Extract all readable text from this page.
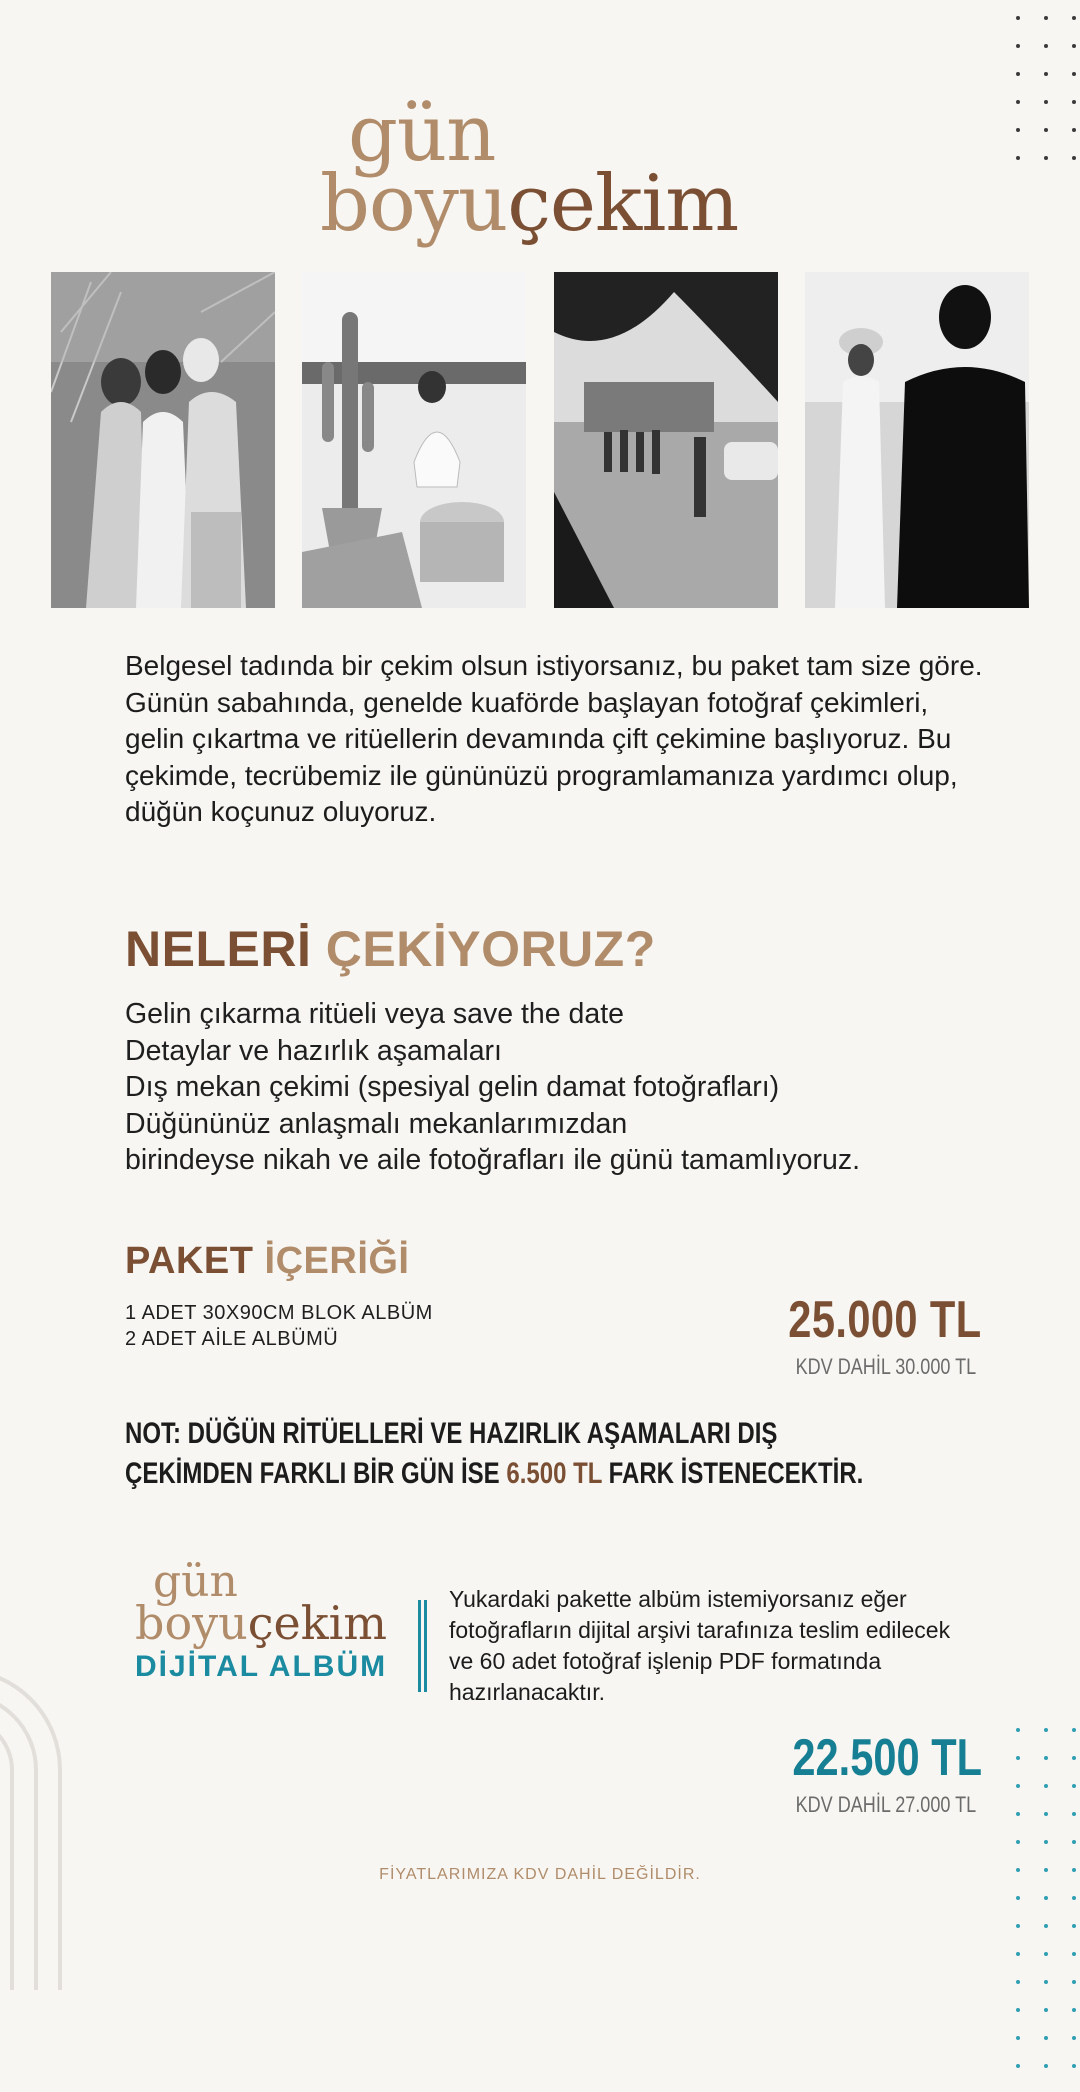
gün
boyuçekim

Belgesel tadında bir çekim olsun istiyorsanız, bu paket tam size göre. Günün sabahında, genelde kuaförde başlayan fotoğraf çekimleri, gelin çıkartma ve ritüellerin devamında çift çekimine başlıyoruz. Bu çekimde, tecrübemiz ile gününüzü programlamanıza yardımcı olup, düğün koçunuz oluyoruz.

NELERİ ÇEKİYORUZ?
Gelin çıkarma ritüeli veya save the date
Detaylar ve hazırlık aşamaları
Dış mekan çekimi (spesiyal gelin damat fotoğrafları)
Düğününüz anlaşmalı mekanlarımızdan
birindeyse nikah ve aile fotoğrafları ile günü tamamlıyoruz.
PAKET İÇERİĞİ
1 ADET 30X90CM BLOK ALBÜM
2 ADET AİLE ALBÜMÜ	25.000 TL
KDV DAHİL 30.000 TL
NOT: DÜĞÜN RİTÜELLERİ VE HAZIRLIK AŞAMALARI DIŞ ÇEKİMDEN FARKLI BİR GÜN İSE 6.500 TL FARK İSTENECEKTİR.
gün
boyuçekim
DİJİTAL ALBÜM

Yukardaki pakette albüm istemiyorsanız eğer fotoğrafların dijital arşivi tarafınıza teslim edilecek ve 60 adet fotoğraf işlenip PDF formatında hazırlanacaktır.

22.500 TL
KDV DAHİL 27.000 TL
FİYATLARIMIZA KDV DAHİL DEĞİLDİR.
